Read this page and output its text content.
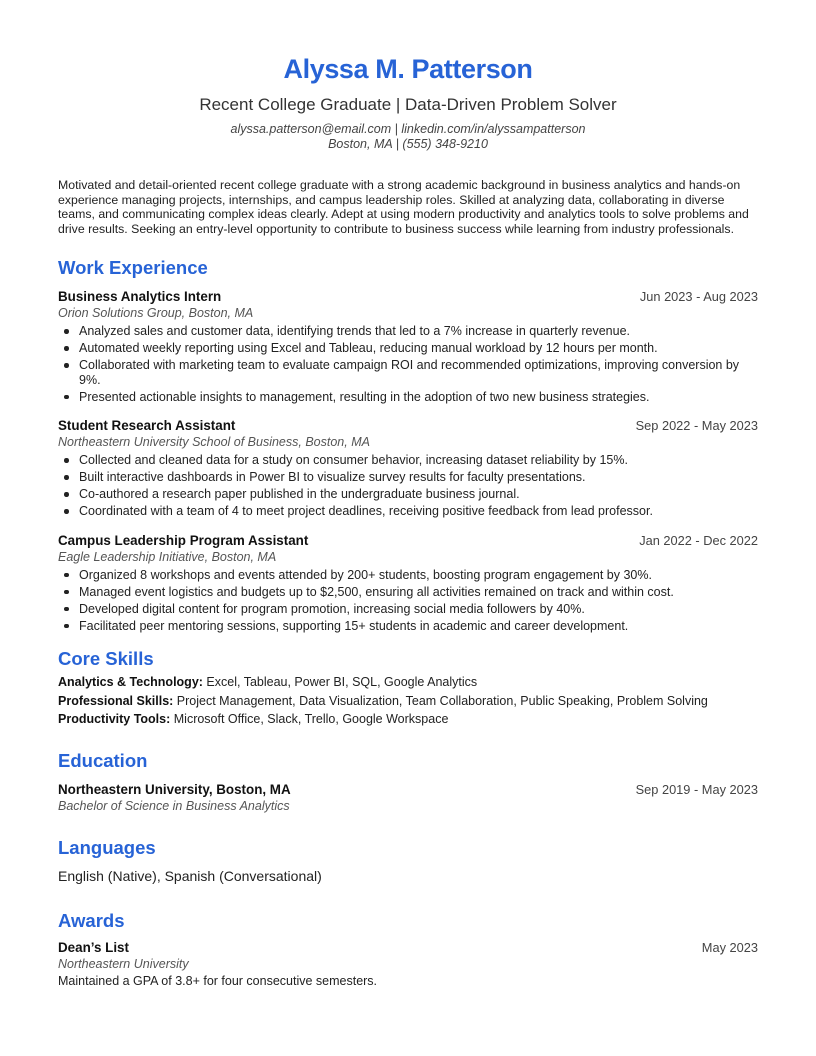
Alyssa M. Patterson
Recent College Graduate | Data-Driven Problem Solver
alyssa.patterson@email.com | linkedin.com/in/alyssampatterson
Boston, MA | (555) 348-9210

Motivated and detail-oriented recent college graduate with a strong academic background in business analytics and hands-on experience managing projects, internships, and campus leadership roles. Skilled at analyzing data, collaborating in diverse teams, and communicating complex ideas clearly. Adept at using modern productivity and analytics tools to solve problems and drive results. Seeking an entry-level opportunity to contribute to business success while learning from industry professionals.

Work Experience
Business Analytics Intern	Jun 2023 - Aug 2023
Orion Solutions Group, Boston, MA
Analyzed sales and customer data, identifying trends that led to a 7% increase in quarterly revenue.
Automated weekly reporting using Excel and Tableau, reducing manual workload by 12 hours per month.
Collaborated with marketing team to evaluate campaign ROI and recommended optimizations, improving conversion by 9%.
Presented actionable insights to management, resulting in the adoption of two new business strategies.
Student Research Assistant	Sep 2022 - May 2023
Northeastern University School of Business, Boston, MA
Collected and cleaned data for a study on consumer behavior, increasing dataset reliability by 15%.
Built interactive dashboards in Power BI to visualize survey results for faculty presentations.
Co-authored a research paper published in the undergraduate business journal.
Coordinated with a team of 4 to meet project deadlines, receiving positive feedback from lead professor.
Campus Leadership Program Assistant	Jan 2022 - Dec 2022
Eagle Leadership Initiative, Boston, MA
Organized 8 workshops and events attended by 200+ students, boosting program engagement by 30%.
Managed event logistics and budgets up to $2,500, ensuring all activities remained on track and within cost.
Developed digital content for program promotion, increasing social media followers by 40%.
Facilitated peer mentoring sessions, supporting 15+ students in academic and career development.
Core Skills
Analytics & Technology: Excel, Tableau, Power BI, SQL, Google Analytics
Professional Skills: Project Management, Data Visualization, Team Collaboration, Public Speaking, Problem Solving
Productivity Tools: Microsoft Office, Slack, Trello, Google Workspace
Education
Northeastern University, Boston, MA	Sep 2019 - May 2023
Bachelor of Science in Business Analytics
Languages
English (Native), Spanish (Conversational)
Awards
Dean’s List	May 2023
Northeastern University
Maintained a GPA of 3.8+ for four consecutive semesters.
